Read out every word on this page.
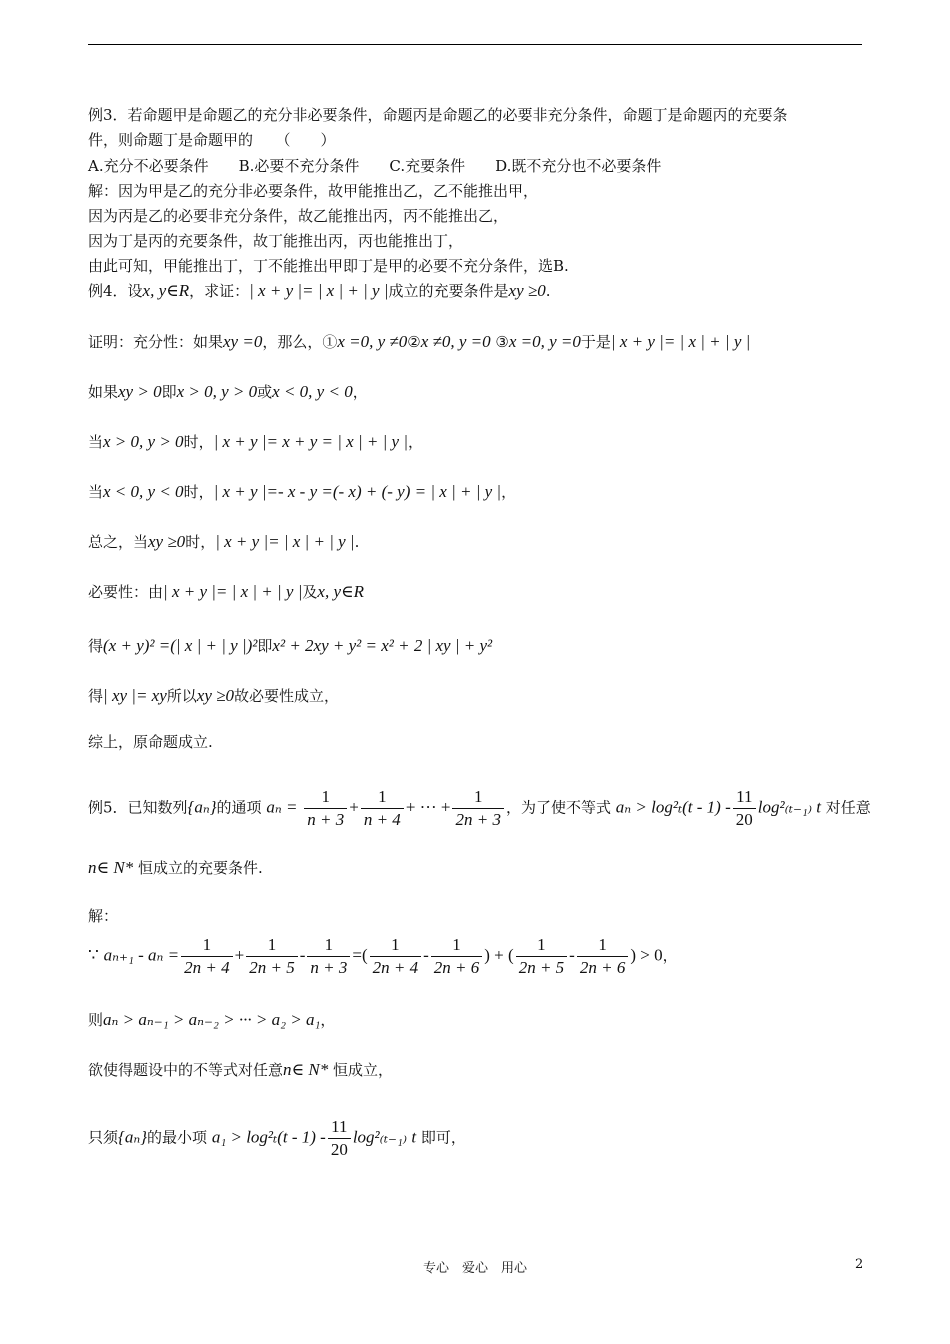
例3．若命题甲是命题乙的充分非必要条件，命题丙是命题乙的必要非充分条件，命题丁是命题丙的充要条
件，则命题丁是命题甲的　　（　　）
A.充分不必要条件　　B.必要不充分条件　　C.充要条件　　D.既不充分也不必要条件
解：因为甲是乙的充分非必要条件，故甲能推出乙，乙不能推出甲，
因为丙是乙的必要非充分条件，故乙能推出丙，丙不能推出乙，
因为丁是丙的充要条件，故丁能推出丙，丙也能推出丁，
由此可知，甲能推出丁，丁不能推出甲即丁是甲的必要不充分条件，选B.
例4．设x, y∈R，求证：| x + y |= | x | + | y |成立的充要条件是xy ≥0.
证明：充分性：如果xy =0，那么，①x =0, y ≠0②x ≠0, y =0 ③x =0, y =0于是| x + y |= | x | + | y |
如果xy > 0即x > 0, y > 0或x < 0, y < 0，
当x > 0, y > 0时，| x + y |= x + y = | x | + | y |，
当x < 0, y < 0时，| x + y |=- x - y =(- x) + (- y) = | x | + | y |，
总之，当xy ≥0时，| x + y |= | x | + | y |.
必要性：由| x + y |= | x | + | y |及x, y∈R
得(x + y)² =(| x | + | y |)²即x² + 2xy + y² = x² + 2 | xy | + y²
得| xy |= xy所以xy ≥0故必要性成立，
综上，原命题成立.
例5．已知数列{aₙ}的通项 $a_n = \frac{1}{n + 3} + \frac{1}{n + 4}$ + ··· + $\frac{1}{2n + 3}$ ，为了使不等式 $a_n > \log^2_t(t - 1) - \frac{11}{20} \log^2_{(t-1)}$ t 对任意
n∈ N* 恒成立的充要条件.
解：
∵ $a_{n+1} - a_n = \frac{1}{2n + 4} + \frac{1}{2n + 5} - \frac{1}{n + 3}$ =( $\frac{1}{2n + 4} - \frac{1}{2n + 6}$ ) + ( $\frac{1}{2n + 5} - \frac{1}{2n + 6}$ ) > 0，
则aₙ > aₙ₋₁ > aₙ₋₂ > ··· > a₂ > a₁，
欲使得题设中的不等式对任意n∈ N* 恒成立，
只须{aₙ}的最小项 $a_1 > \log^2_t(t - 1) - \frac{11}{20} \log^2_{(t-1)}$ t 即可，
专心　爱心　用心	2
